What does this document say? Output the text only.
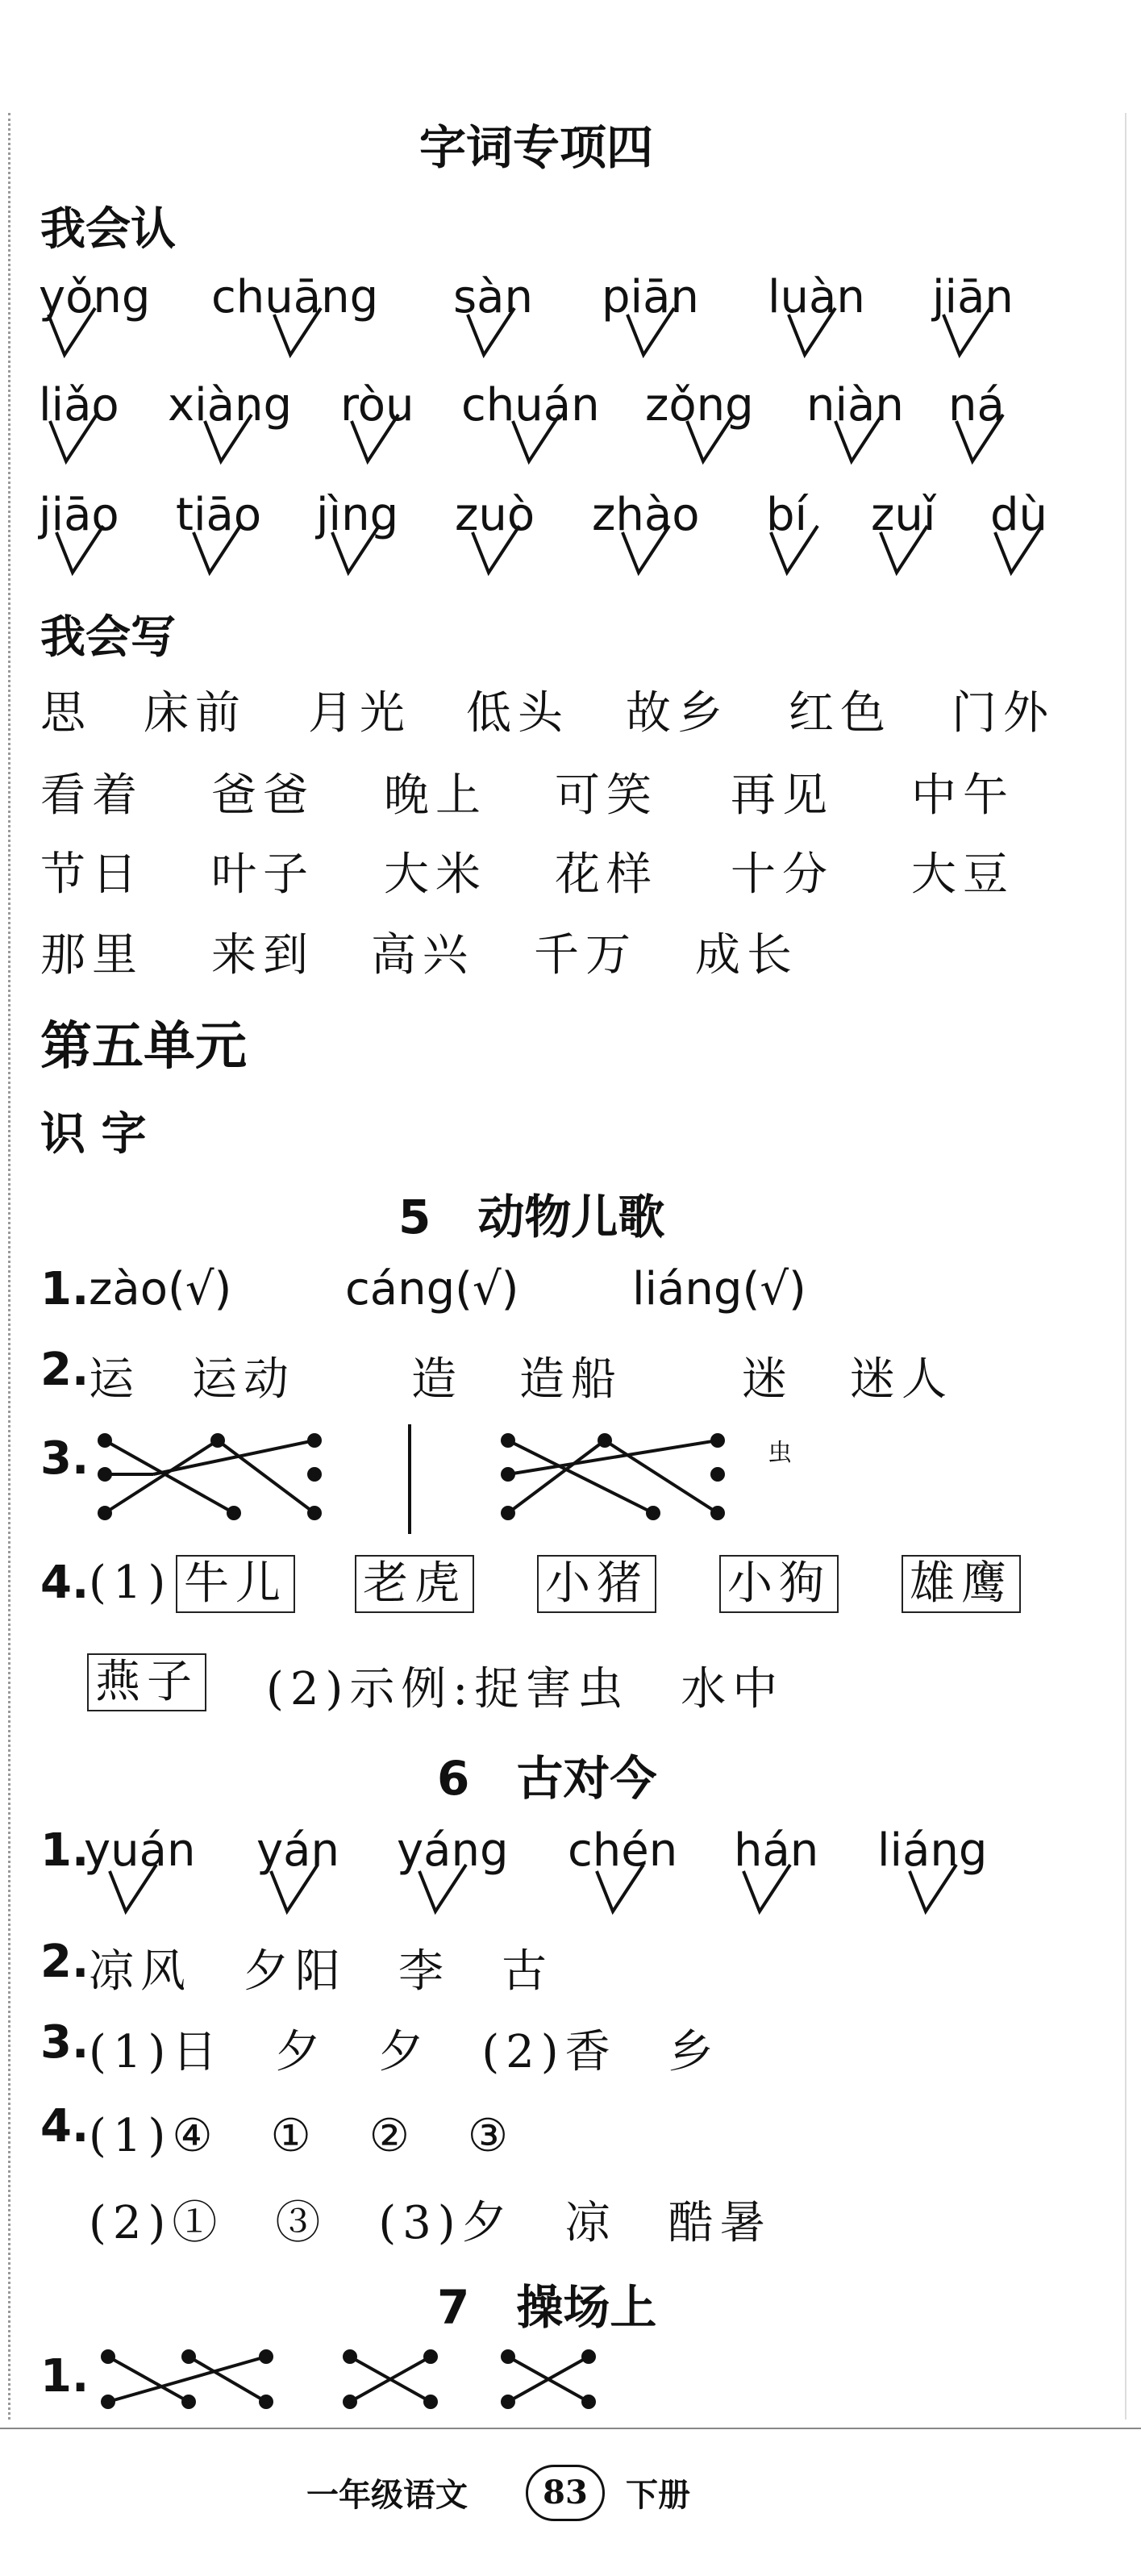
字词专项四
我会认
yǒng chuāng sàn piān luàn jiān
liǎo xiàng ròu chuán zǒng niàn ná
jiāo tiāo jìng zuò zhào bí zuǐ dù
我会写
思 床前 月光 低头 故乡 红色 门外
看着 爸爸 晚上 可笑 再见 中午
节日 叶子 大米 花样 十分 大豆
那里 来到 高兴 千万 成长
第五单元
识 字
5　动物儿歌
1. zào(√)	cáng(√)	liáng(√)
2. 运 运动	造 造船	迷 迷人
3.	虫
4. (1) 牛儿 老虎 小猪 小狗 雄鹰
燕子 (2)示例:捉害虫　水中
6　古对今
1.
yuán yán yáng chén hán liáng
2. 凉风　夕阳　李　古
3. (1)日　夕　夕　(2)香　乡
4. (1)④　①　②　③
(2)①　③　(3)夕　凉　酷暑
7　操场上
1.
一年级语文	83	下册
